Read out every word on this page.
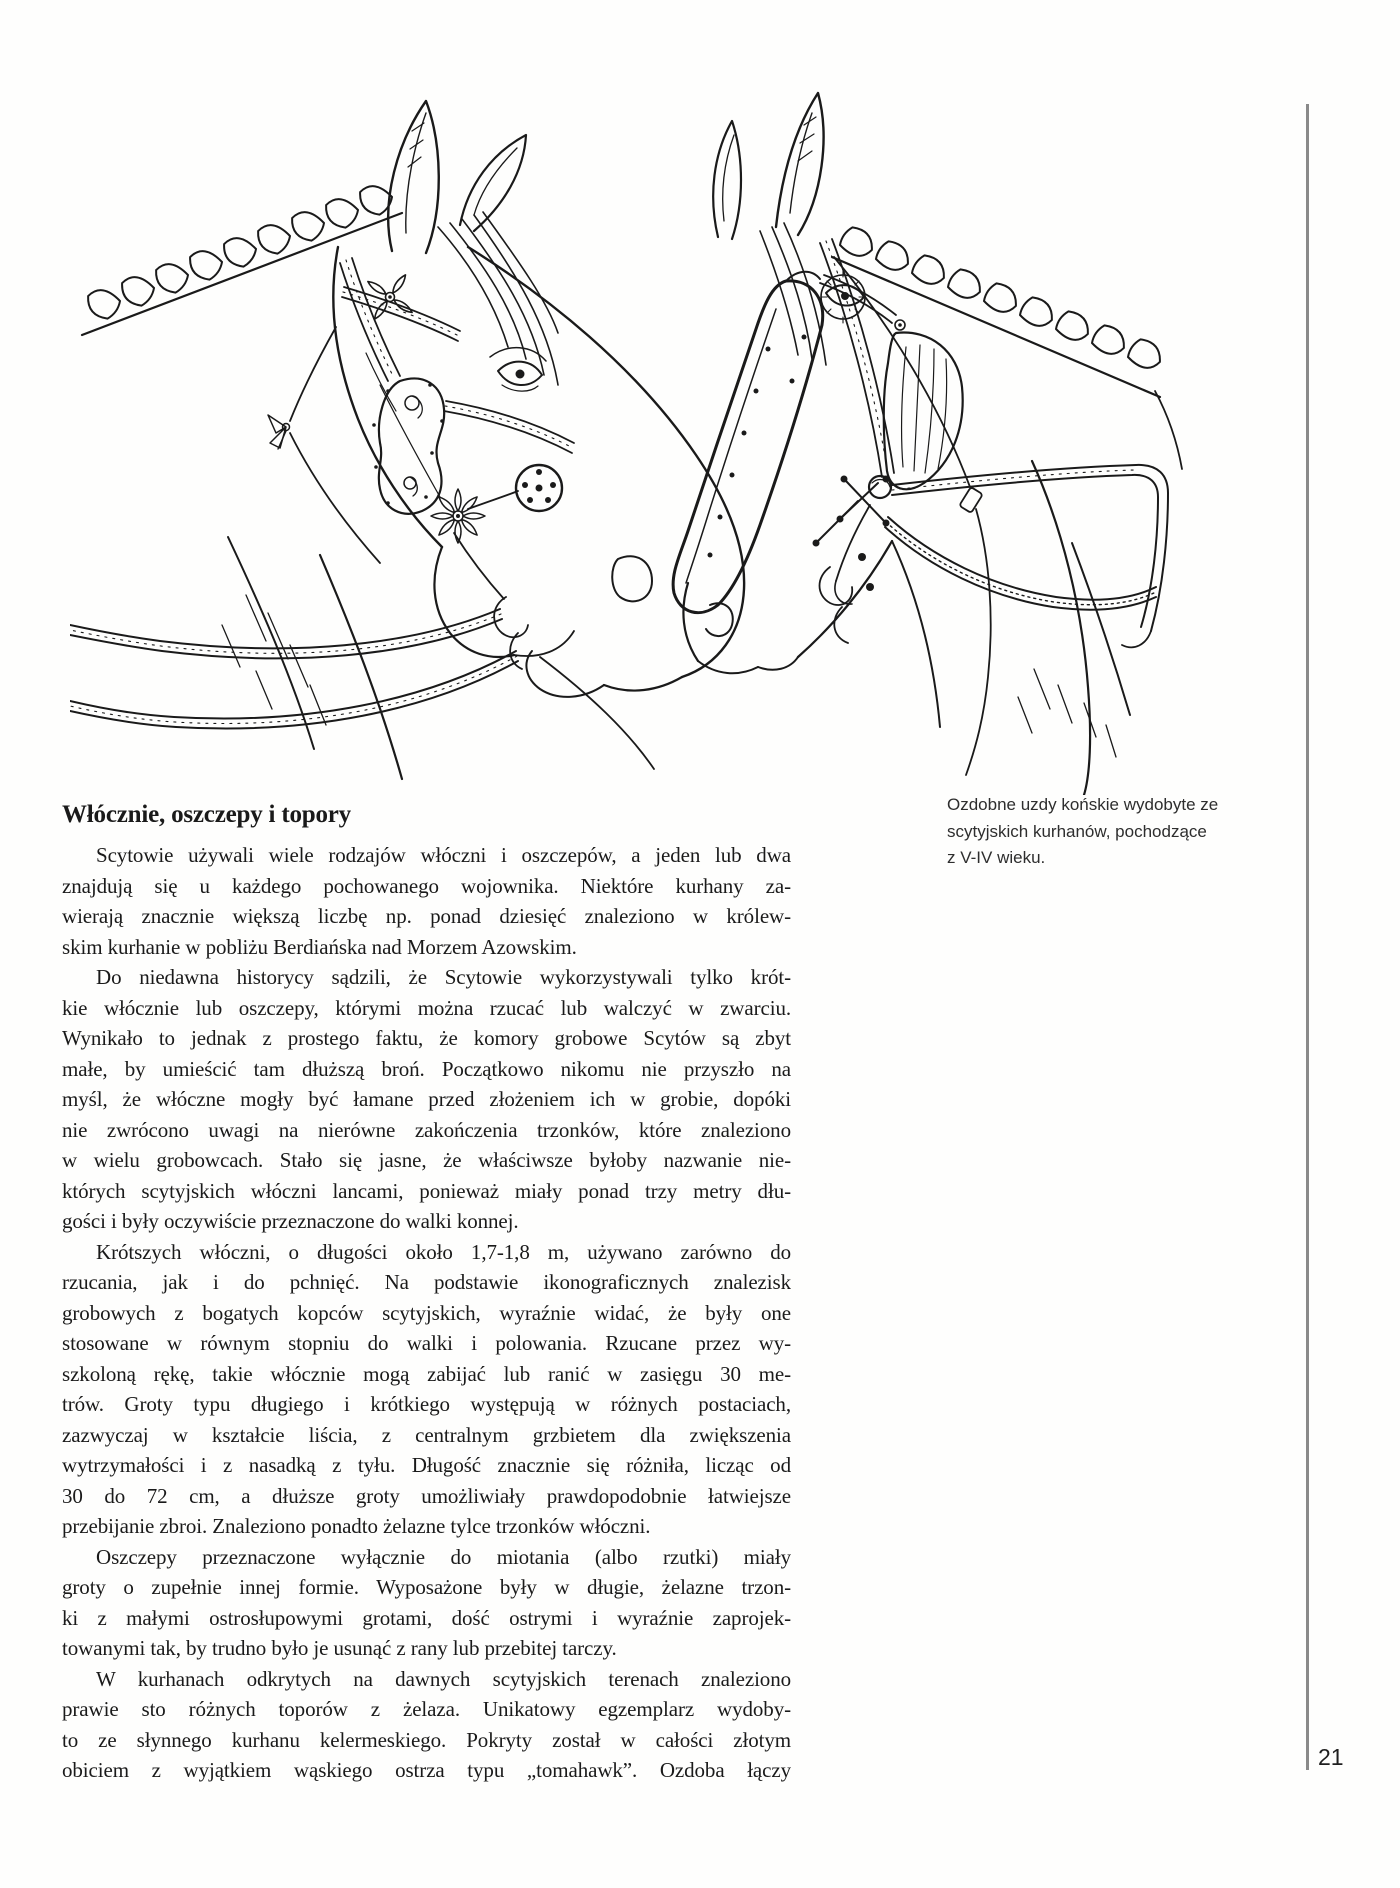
Ozdobne uzdy końskie wydobyte ze
scytyjskich kurhanów, pochodzące
z V-IV wieku.
Włócznie, oszczepy i topory
Scytowie używali wiele rodzajów włóczni i oszczepów, a jeden lub dwa
znajdują się u każdego pochowanego wojownika. Niektóre kurhany za-
wierają znacznie większą liczbę np. ponad dziesięć znaleziono w królew-
skim kurhanie w pobliżu Berdiańska nad Morzem Azowskim.
Do niedawna historycy sądzili, że Scytowie wykorzystywali tylko krót-
kie włócznie lub oszczepy, którymi można rzucać lub walczyć w zwarciu.
Wynikało to jednak z prostego faktu, że komory grobowe Scytów są zbyt
małe, by umieścić tam dłuższą broń. Początkowo nikomu nie przyszło na
myśl, że włóczne mogły być łamane przed złożeniem ich w grobie, dopóki
nie zwrócono uwagi na nierówne zakończenia trzonków, które znaleziono
w wielu grobowcach. Stało się jasne, że właściwsze byłoby nazwanie nie-
których scytyjskich włóczni lancami, ponieważ miały ponad trzy metry dłu-
gości i były oczywiście przeznaczone do walki konnej.
Krótszych włóczni, o długości około 1,7-1,8 m, używano zarówno do
rzucania, jak i do pchnięć. Na podstawie ikonograficznych znalezisk
grobowych z bogatych kopców scytyjskich, wyraźnie widać, że były one
stosowane w równym stopniu do walki i polowania. Rzucane przez wy-
szkoloną rękę, takie włócznie mogą zabijać lub ranić w zasięgu 30 me-
trów. Groty typu długiego i krótkiego występują w różnych postaciach,
zazwyczaj w kształcie liścia, z centralnym grzbietem dla zwiększenia
wytrzymałości i z nasadką z tyłu. Długość znacznie się różniła, licząc od
30 do 72 cm, a dłuższe groty umożliwiały prawdopodobnie łatwiejsze
przebijanie zbroi. Znaleziono ponadto żelazne tylce trzonków włóczni.
Oszczepy przeznaczone wyłącznie do miotania (albo rzutki) miały
groty o zupełnie innej formie. Wyposażone były w długie, żelazne trzon-
ki z małymi ostrosłupowymi grotami, dość ostrymi i wyraźnie zaprojek-
towanymi tak, by trudno było je usunąć z rany lub przebitej tarczy.
W kurhanach odkrytych na dawnych scytyjskich terenach znaleziono
prawie sto różnych toporów z żelaza. Unikatowy egzemplarz wydoby-
to ze słynnego kurhanu kelermeskiego. Pokryty został w całości złotym
obiciem z wyjątkiem wąskiego ostrza typu „tomahawk”. Ozdoba łączy	21
